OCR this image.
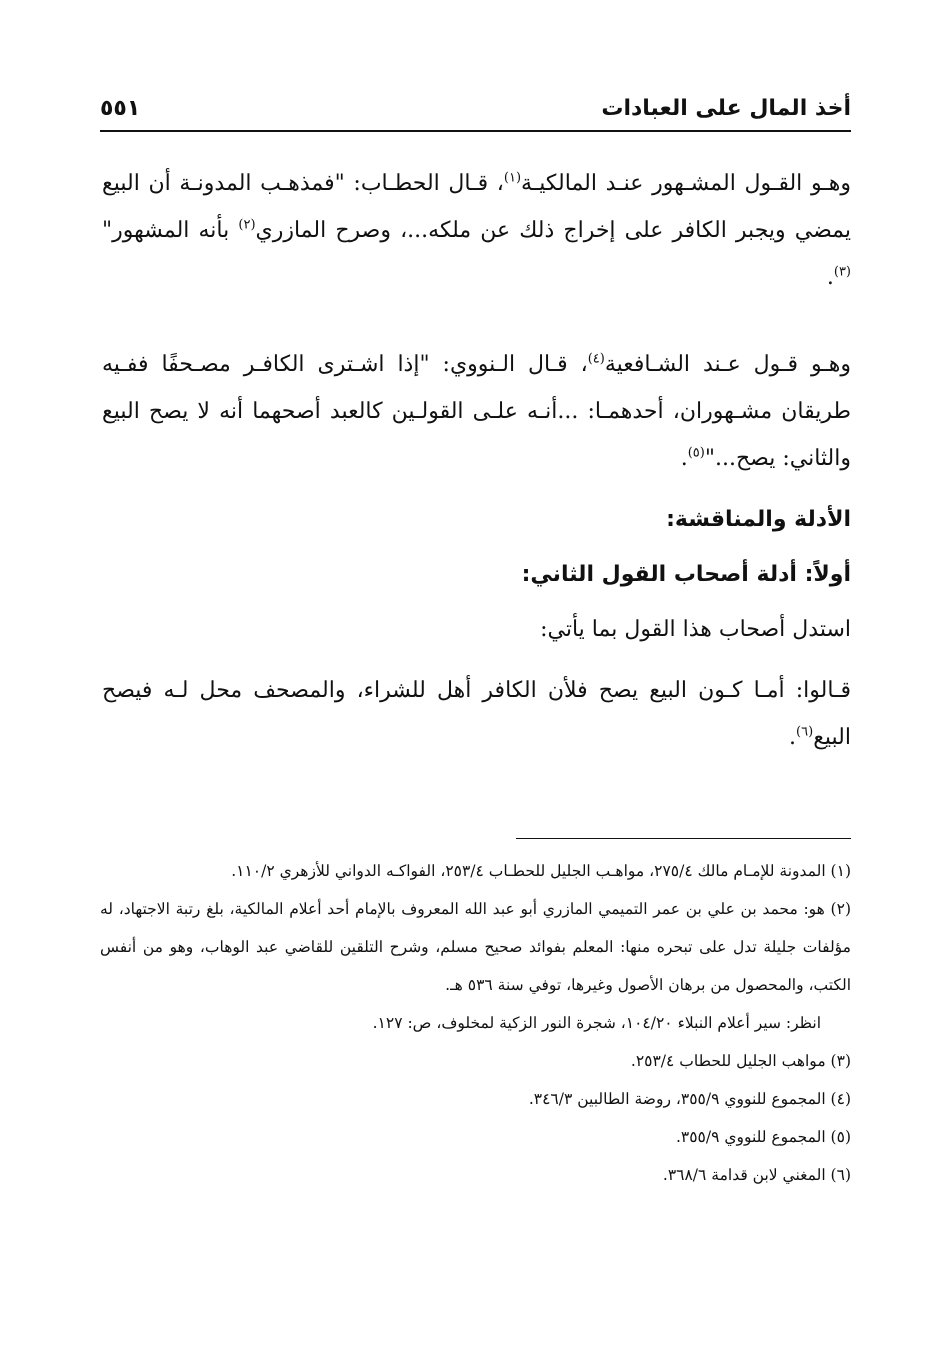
أخذ المال على العبادات
٥٥١

وهـو القـول المشـهور عنـد المالكيـة$^{(١)}$، قـال الحطـاب: "فمذهـب المدونـة أن البيع يمضي ويجبر الكافر على إخراج ذلك عن ملكه...، وصرح المازري$^{(٢)}$ بأنه المشهور"$^{(٣)}$.

وهـو قـول عـند الشـافعية$^{(٤)}$، قـال الـنووي: "إذا اشـترى الكافـر مصـحفًا ففـيه طريقان مشـهوران، أحدهمـا: ...أنـه علـى القولـين كالعبد أصحهما أنه لا يصح البيع والثاني: يصح..."$^{(٥)}$.

الأدلة والمناقشة:

أولاً: أدلة أصحاب القول الثاني:

استدل أصحاب هذا القول بما يأتي:

قـالوا: أمـا كـون البيع يصح فلأن الكافر أهل للشراء، والمصحف محل لـه فيصح البيع$^{(٦)}$.

(١) المدونة للإمـام مالك ٢٧٥/٤، مواهـب الجليل للحطـاب ٢٥٣/٤، الفواكـه الدواني للأزهري ١١٠/٢.

(٢) هو: محمد بن علي بن عمر التميمي المازري أبو عبد الله المعروف بالإمام أحد أعلام المالكية، بلغ رتبة الاجتهاد، له مؤلفات جليلة تدل على تبحره منها: المعلم بفوائد صحيح مسلم، وشرح التلقين للقاضي عبد الوهاب، وهو من أنفس الكتب، والمحصول من برهان الأصول وغيرها، توفي سنة ٥٣٦ هـ.

انظر: سير أعلام النبلاء ١٠٤/٢٠، شجرة النور الزكية لمخلوف، ص: ١٢٧.

(٣) مواهب الجليل للحطاب ٢٥٣/٤.

(٤) المجموع للنووي ٣٥٥/٩، روضة الطالبين ٣٤٦/٣.

(٥) المجموع للنووي ٣٥٥/٩.

(٦) المغني لابن قدامة ٣٦٨/٦.
